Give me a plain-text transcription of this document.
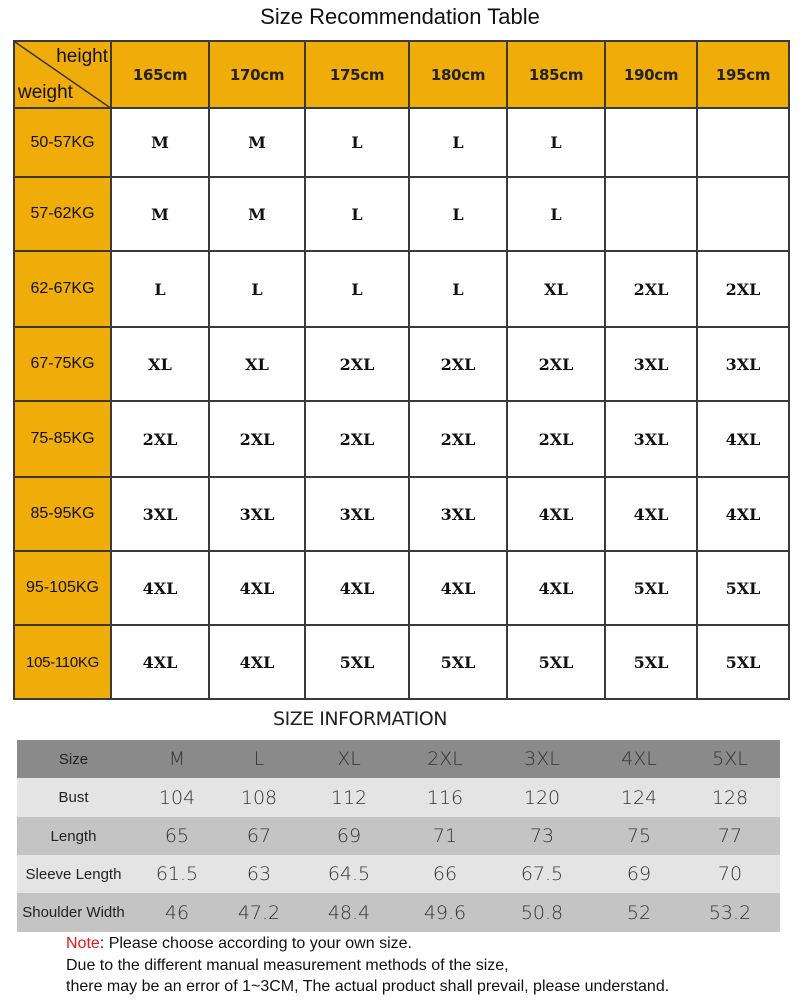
Size Recommendation Table
height
weight	165cm	170cm	175cm	180cm	185cm	190cm	195cm
50-57KG	M	M	L	L	L		
57-62KG	M	M	L	L	L		
62-67KG	L	L	L	L	XL	2XL	2XL
67-75KG	XL	XL	2XL	2XL	2XL	3XL	3XL
75-85KG	2XL	2XL	2XL	2XL	2XL	3XL	4XL
85-95KG	3XL	3XL	3XL	3XL	4XL	4XL	4XL
95-105KG	4XL	4XL	4XL	4XL	4XL	5XL	5XL
105-110KG	4XL	4XL	5XL	5XL	5XL	5XL	5XL
SIZE INFORMATION
Size	M	L	XL	2XL	3XL	4XL	5XL
Bust	104	108	112	116	120	124	128
Length	65	67	69	71	73	75	77
Sleeve Length	61.5	63	64.5	66	67.5	69	70
Shoulder Width	46	47.2	48.4	49.6	50.8	52	53.2
Note: Please choose according to your own size.
Due to the different manual measurement methods of the size,
there may be an error of 1~3CM, The actual product shall prevail, please understand.
